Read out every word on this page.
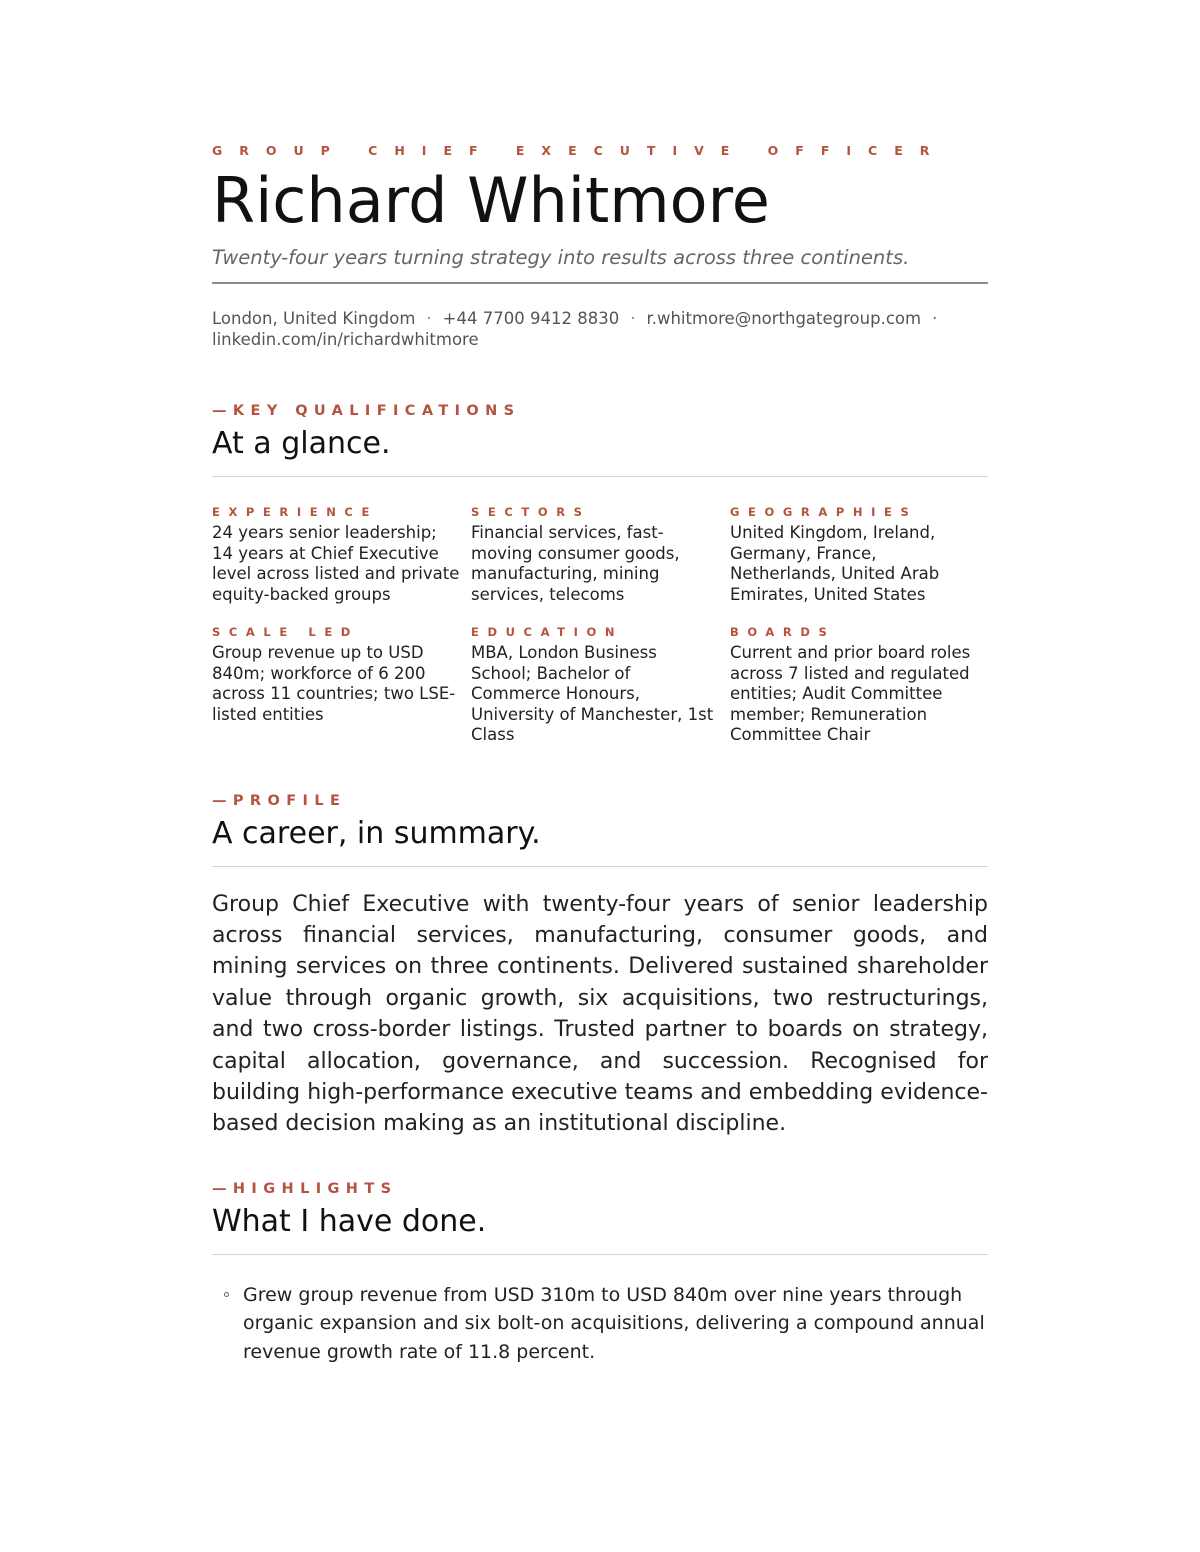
GROUP CHIEF EXECUTIVE OFFICER
Richard Whitmore
Twenty-four years turning strategy into results across three continents.
London, United Kingdom · +44 7700 9412 8830 · r.whitmore@northgategroup.com ·
linkedin.com/in/richardwhitmore
—KEY QUALIFICATIONS
At a glance.
EXPERIENCE
24 years senior leadership; 14 years at Chief Executive level across listed and private equity-backed groups
SECTORS
Financial services, fast-moving consumer goods, manufacturing, mining services, telecoms
GEOGRAPHIES
United Kingdom, Ireland, Germany, France, Netherlands, United Arab Emirates, United States
SCALE LED
Group revenue up to USD 840m; workforce of 6 200 across 11 countries; two LSE-listed entities
EDUCATION
MBA, London Business School; Bachelor of Commerce Honours, University of Manchester, 1st Class
BOARDS
Current and prior board roles across 7 listed and regulated entities; Audit Committee member; Remuneration Committee Chair
—PROFILE
A career, in summary.
Group Chief Executive with twenty-four years of senior leadership across financial services, manufacturing, consumer goods, and mining services on three continents. Delivered sustained shareholder value through organic growth, six acquisitions, two restructurings, and two cross-border listings. Trusted partner to boards on strategy, capital allocation, governance, and succession. Recognised for building high-performance executive teams and embedding evidence-based decision making as an institutional discipline.
—HIGHLIGHTS
What I have done.
Grew group revenue from USD 310m to USD 840m over nine years through organic expansion and six bolt-on acquisitions, delivering a compound annual revenue growth rate of 11.8 percent.
